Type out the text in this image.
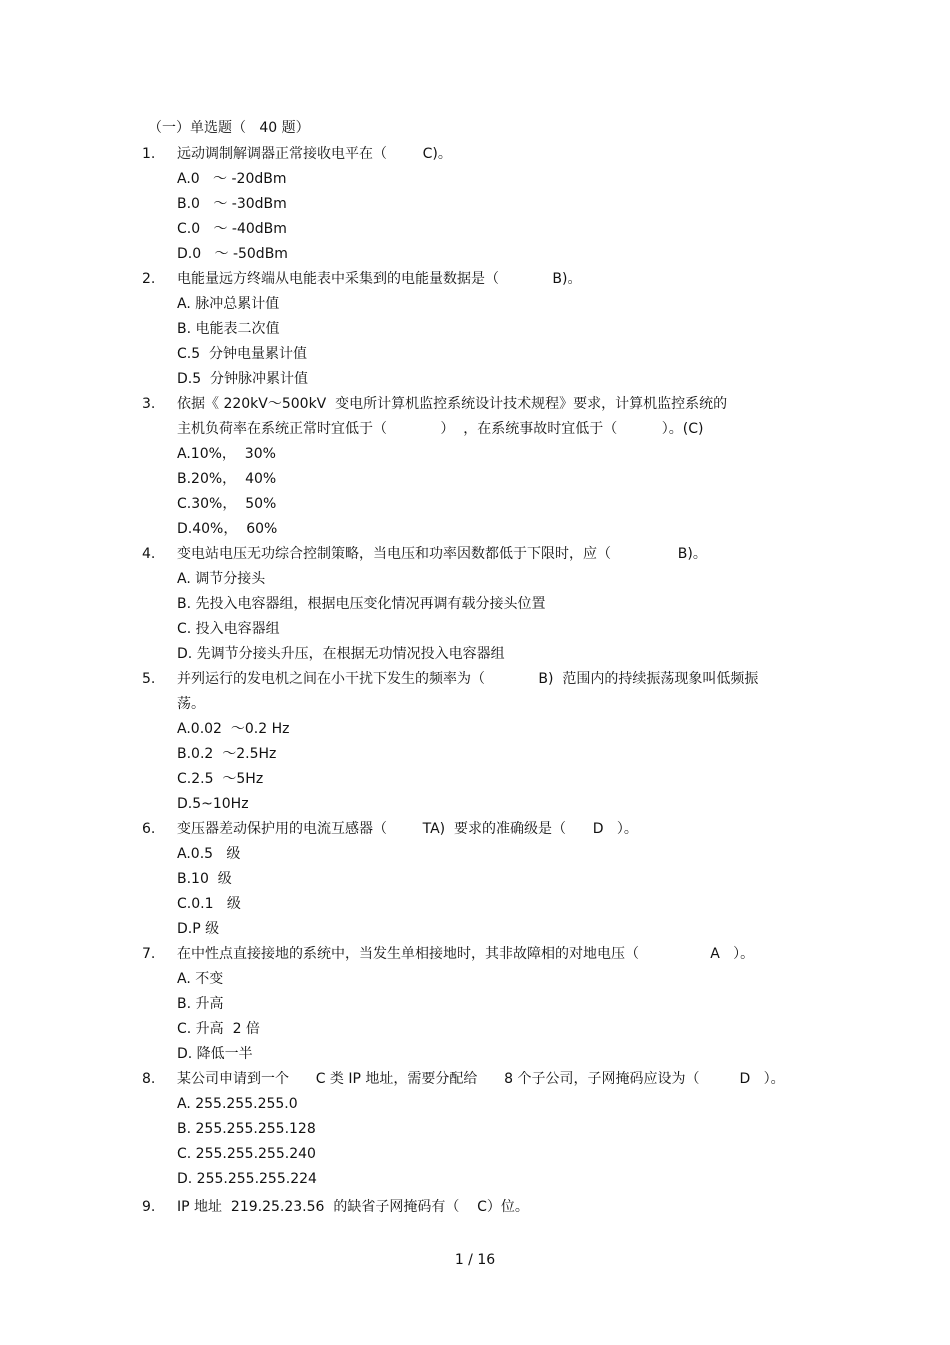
（一）单选题（   40 题）
1. 远动调制解调器正常接收电平在（        C)。
A.0   ～ -20dBm
B.0   ～ -30dBm
C.0   ～ -40dBm
D.0   ～ -50dBm
2. 电能量远方终端从电能表中采集到的电能量数据是（            B)。
A. 脉冲总累计值
B. 电能表二次值
C.5  分钟电量累计值
D.5  分钟脉冲累计值
3. 依据《 220kV～500kV  变电所计算机监控系统设计技术规程》要求，计算机监控系统的
主机负荷率在系统正常时宜低于（            ）  ，在系统事故时宜低于（          ）。(C)
A.10%，  30%
B.20%，  40%
C.30%，  50%
D.40%，  60%
4. 变电站电压无功综合控制策略，当电压和功率因数都低于下限时，应（               B)。
A. 调节分接头
B. 先投入电容器组，根据电压变化情况再调有载分接头位置
C. 投入电容器组
D. 先调节分接头升压，在根据无功情况投入电容器组
5. 并列运行的发电机之间在小干扰下发生的频率为（            B)  范围内的持续振荡现象叫低频振
荡。
A.0.02  ～0.2 Hz
B.0.2  ～2.5Hz
C.2.5  ～5Hz
D.5~10Hz
6. 变压器差动保护用的电流互感器（        TA)  要求的准确级是（      D   ）。
A.0.5   级
B.10  级
C.0.1   级
D.P 级
7. 在中性点直接接地的系统中，当发生单相接地时，其非故障相的对地电压（                A   ）。
A. 不变
B. 升高
C. 升高  2 倍
D. 降低一半
8. 某公司申请到一个      C 类 IP 地址，需要分配给      8 个子公司，子网掩码应设为（         D   ）。
A. 255.255.255.0
B. 255.255.255.128
C. 255.255.255.240
D. 255.255.255.224
9. IP 地址  219.25.23.56  的缺省子网掩码有（    C）位。
1 / 16
